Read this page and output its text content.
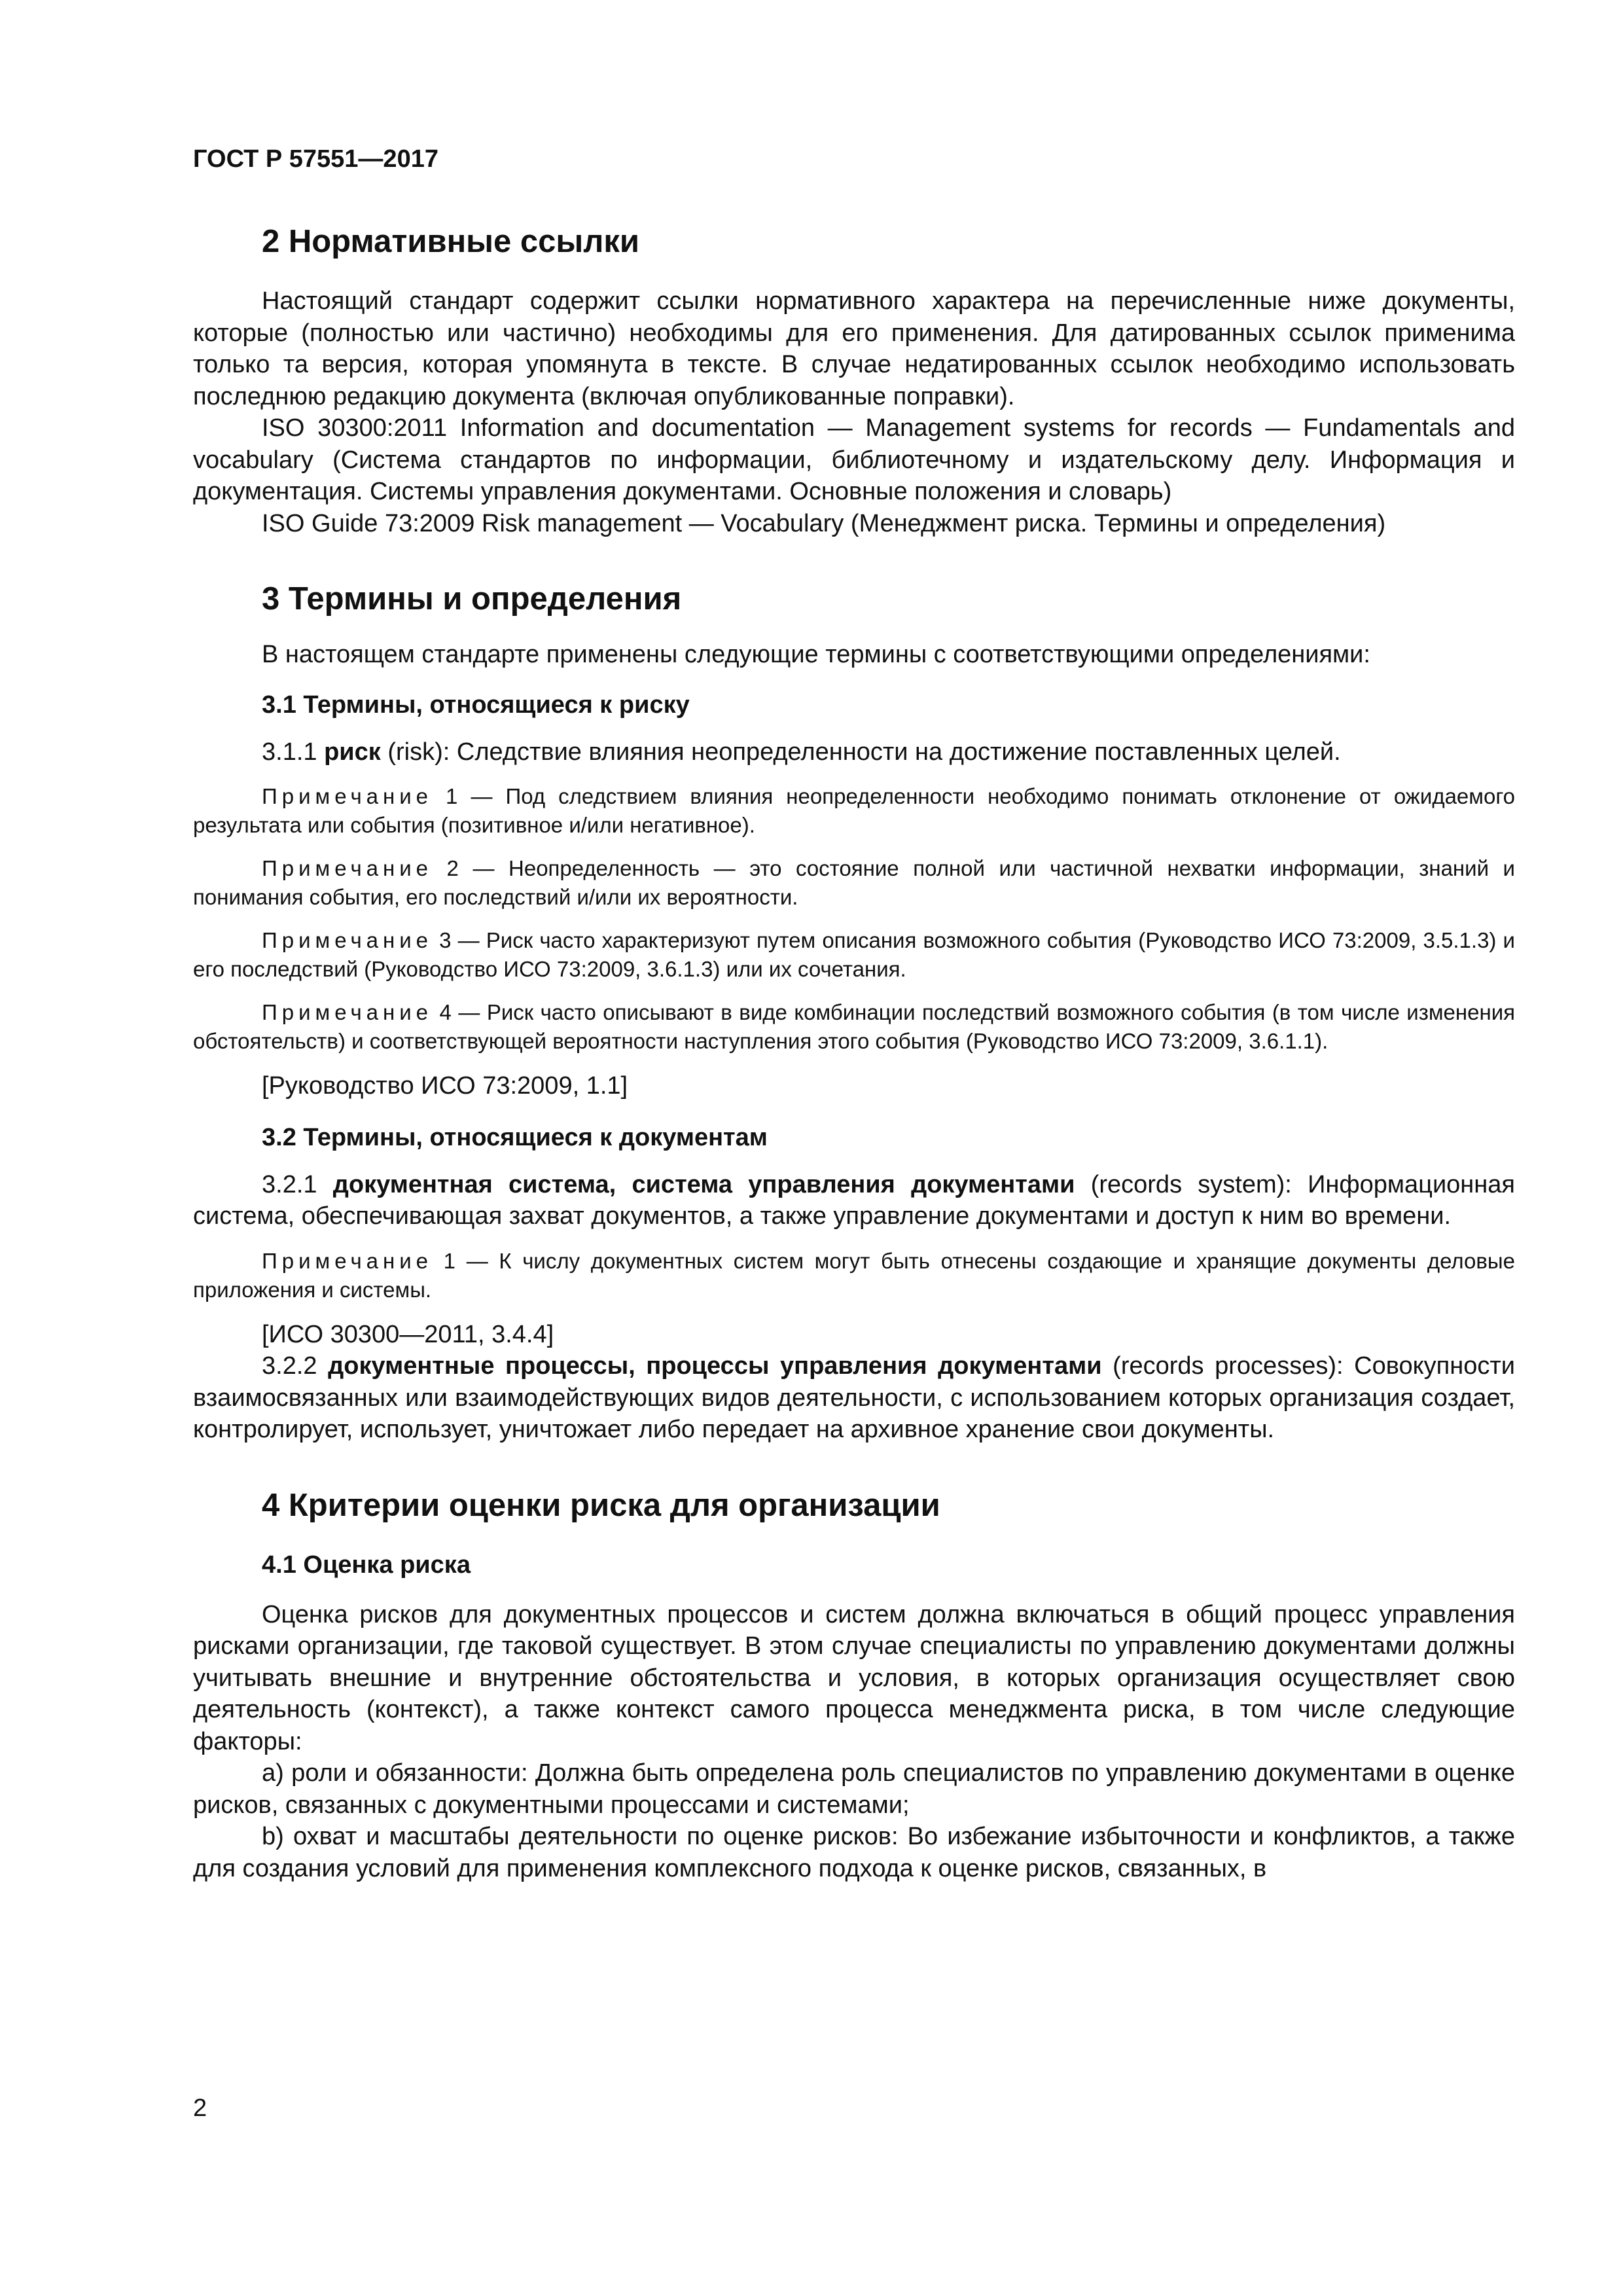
ГОСТ Р 57551—2017
2 Нормативные ссылки

Настоящий стандарт содержит ссылки нормативного характера на перечисленные ниже документы, которые (полностью или частично) необходимы для его применения. Для датированных ссылок применима только та версия, которая упомянута в тексте. В случае недатированных ссылок необходимо использовать последнюю редакцию документа (включая опубликованные поправки).

ISO 30300:2011 Information and documentation — Management systems for records — Fundamentals and vocabulary (Система стандартов по информации, библиотечному и издательскому делу. Информация и документация. Системы управления документами. Основные положения и словарь)

ISO Guide 73:2009 Risk management — Vocabulary (Менеджмент риска. Термины и определения)

3 Термины и определения

В настоящем стандарте применены следующие термины с соответствующими определениями:

3.1 Термины, относящиеся к риску

3.1.1 риск (risk): Следствие влияния неопределенности на достижение поставленных целей.

Примечание 1 — Под следствием влияния неопределенности необходимо понимать отклонение от ожидаемого результата или события (позитивное и/или негативное).

Примечание 2 — Неопределенность — это состояние полной или частичной нехватки информации, знаний и понимания события, его последствий и/или их вероятности.

Примечание 3 — Риск часто характеризуют путем описания возможного события (Руководство ИСО 73:2009, 3.5.1.3) и его последствий (Руководство ИСО 73:2009, 3.6.1.3) или их сочетания.

Примечание 4 — Риск часто описывают в виде комбинации последствий возможного события (в том числе изменения обстоятельств) и соответствующей вероятности наступления этого события (Руководство ИСО 73:2009, 3.6.1.1).

[Руководство ИСО 73:2009, 1.1]

3.2 Термины, относящиеся к документам

3.2.1 документная система, система управления документами (records system): Информационная система, обеспечивающая захват документов, а также управление документами и доступ к ним во времени.

Примечание 1 — К числу документных систем могут быть отнесены создающие и хранящие документы деловые приложения и системы.

[ИСО 30300—2011, 3.4.4]

3.2.2 документные процессы, процессы управления документами (records processes): Совокупности взаимосвязанных или взаимодействующих видов деятельности, с использованием которых организация создает, контролирует, использует, уничтожает либо передает на архивное хранение свои документы.

4 Критерии оценки риска для организации
4.1 Оценка риска

Оценка рисков для документных процессов и систем должна включаться в общий процесс управления рисками организации, где таковой существует. В этом случае специалисты по управлению документами должны учитывать внешние и внутренние обстоятельства и условия, в которых организация осуществляет свою деятельность (контекст), а также контекст самого процесса менеджмента риска, в том числе следующие факторы:

a) роли и обязанности: Должна быть определена роль специалистов по управлению документами в оценке рисков, связанных с документными процессами и системами;

b) охват и масштабы деятельности по оценке рисков: Во избежание избыточности и конфликтов, а также для создания условий для применения комплексного подхода к оценке рисков, связанных, в

2
